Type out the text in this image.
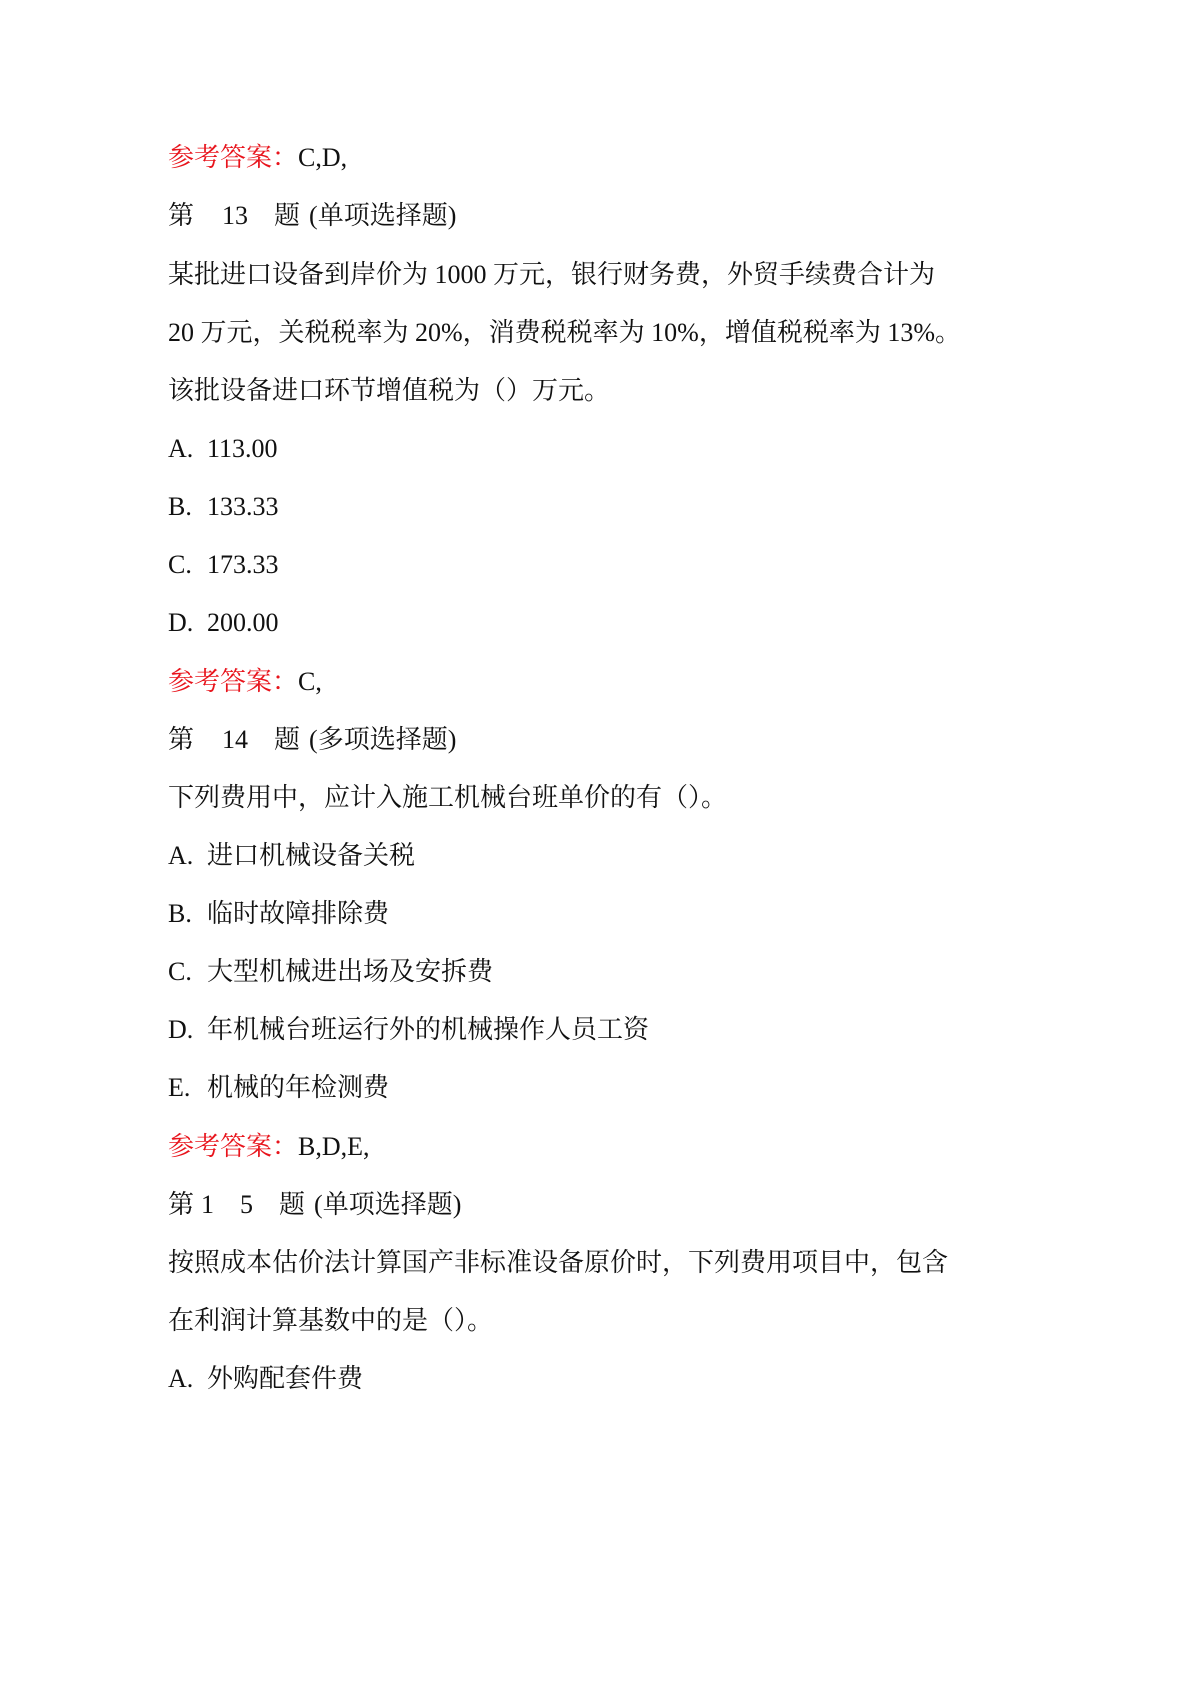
参考答案：C,D,
第 13 题 (单项选择题)
某批进口设备到岸价为 1000 万元，银行财务费，外贸手续费合计为
20 万元，关税税率为 20%，消费税税率为 10%，增值税税率为 13%。
该批设备进口环节增值税为（）万元。
A. 113.00
B. 133.33
C. 173.33
D. 200.00
参考答案：C,
第 14 题 (多项选择题)
下列费用中，应计入施工机械台班单价的有（）。
A. 进口机械设备关税
B. 临时故障排除费
C. 大型机械进出场及安拆费
D. 年机械台班运行外的机械操作人员工资
E. 机械的年检测费
参考答案：B,D,E,
第 1    5 题 (单项选择题)
按照成本估价法计算国产非标准设备原价时，下列费用项目中，包含
在利润计算基数中的是（）。
A. 外购配套件费
